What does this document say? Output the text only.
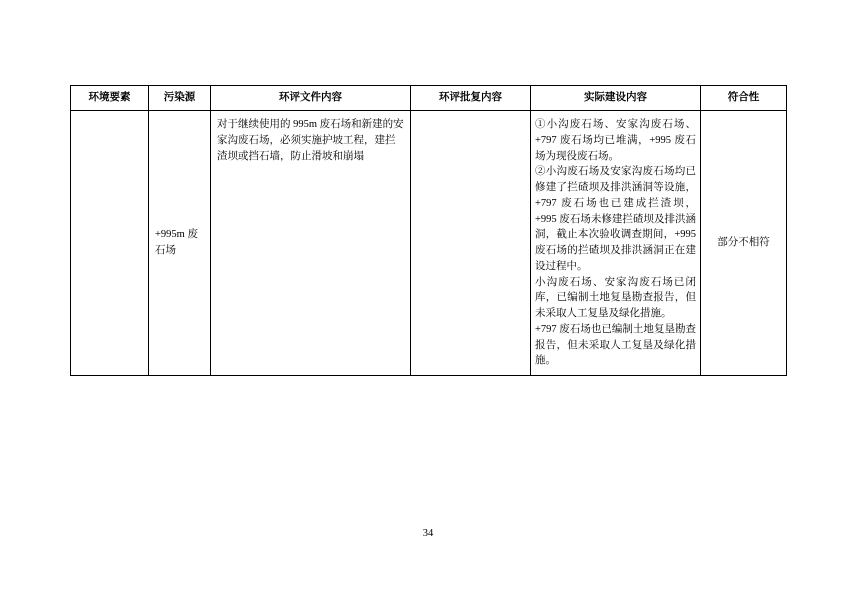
环境要素	污染源	环评文件内容	环评批复内容	实际建设内容	符合性
	+995m 废石场	对于继续使用的 995m 废石场和新建的安家沟废石场，必须实施护坡工程，建拦渣坝或挡石墙，防止滑坡和崩塌		①小沟废石场、安家沟废石场、+797 废石场均已堆满，+995 废石场为现役废石场。

②小沟废石场及安家沟废石场均已修建了拦碴坝及排洪涵洞等设施，+797 废石场也已建成拦渣坝，+995 废石场未修建拦碴坝及排洪涵洞，截止本次验收调查期间，+995 废石场的拦碴坝及排洪涵洞正在建设过程中。

小沟废石场、安家沟废石场已闭库，已编制土地复垦勘查报告，但未采取人工复垦及绿化措施。

+797 废石场也已编制土地复垦勘查报告，但未采取人工复垦及绿化措施。	部分不相符
34
